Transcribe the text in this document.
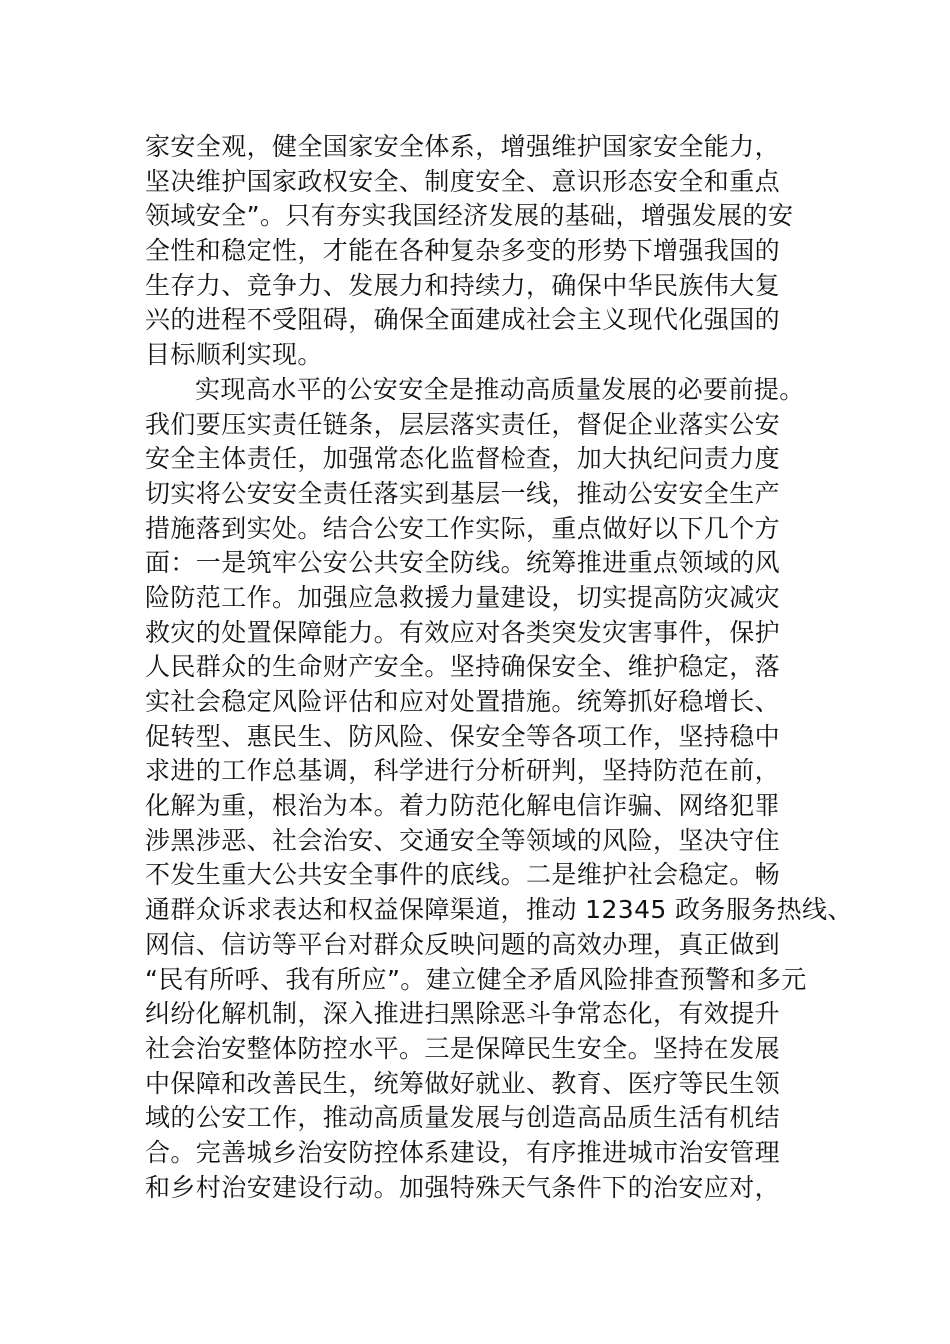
家安全观，健全国家安全体系，增强维护国家安全能力，
坚决维护国家政权安全、制度安全、意识形态安全和重点
领域安全”。只有夯实我国经济发展的基础，增强发展的安
全性和稳定性，才能在各种复杂多变的形势下增强我国的
生存力、竞争力、发展力和持续力，确保中华民族伟大复
兴的进程不受阻碍，确保全面建成社会主义现代化强国的
目标顺利实现。
实现高水平的公安安全是推动高质量发展的必要前提。
我们要压实责任链条，层层落实责任，督促企业落实公安
安全主体责任，加强常态化监督检查，加大执纪问责力度
切实将公安安全责任落实到基层一线，推动公安安全生产
措施落到实处。结合公安工作实际，重点做好以下几个方
面：一是筑牢公安公共安全防线。统筹推进重点领域的风
险防范工作。加强应急救援力量建设，切实提高防灾减灾
救灾的处置保障能力。有效应对各类突发灾害事件，保护
人民群众的生命财产安全。坚持确保安全、维护稳定，落
实社会稳定风险评估和应对处置措施。统筹抓好稳增长、
促转型、惠民生、防风险、保安全等各项工作，坚持稳中
求进的工作总基调，科学进行分析研判，坚持防范在前，
化解为重，根治为本。着力防范化解电信诈骗、网络犯罪
涉黑涉恶、社会治安、交通安全等领域的风险，坚决守住
不发生重大公共安全事件的底线。二是维护社会稳定。畅
通群众诉求表达和权益保障渠道，推动 12345 政务服务热线、
网信、信访等平台对群众反映问题的高效办理，真正做到
“民有所呼、我有所应”。建立健全矛盾风险排查预警和多元
纠纷化解机制，深入推进扫黑除恶斗争常态化，有效提升
社会治安整体防控水平。三是保障民生安全。坚持在发展
中保障和改善民生，统筹做好就业、教育、医疗等民生领
域的公安工作，推动高质量发展与创造高品质生活有机结
合。完善城乡治安防控体系建设，有序推进城市治安管理
和乡村治安建设行动。加强特殊天气条件下的治安应对，
